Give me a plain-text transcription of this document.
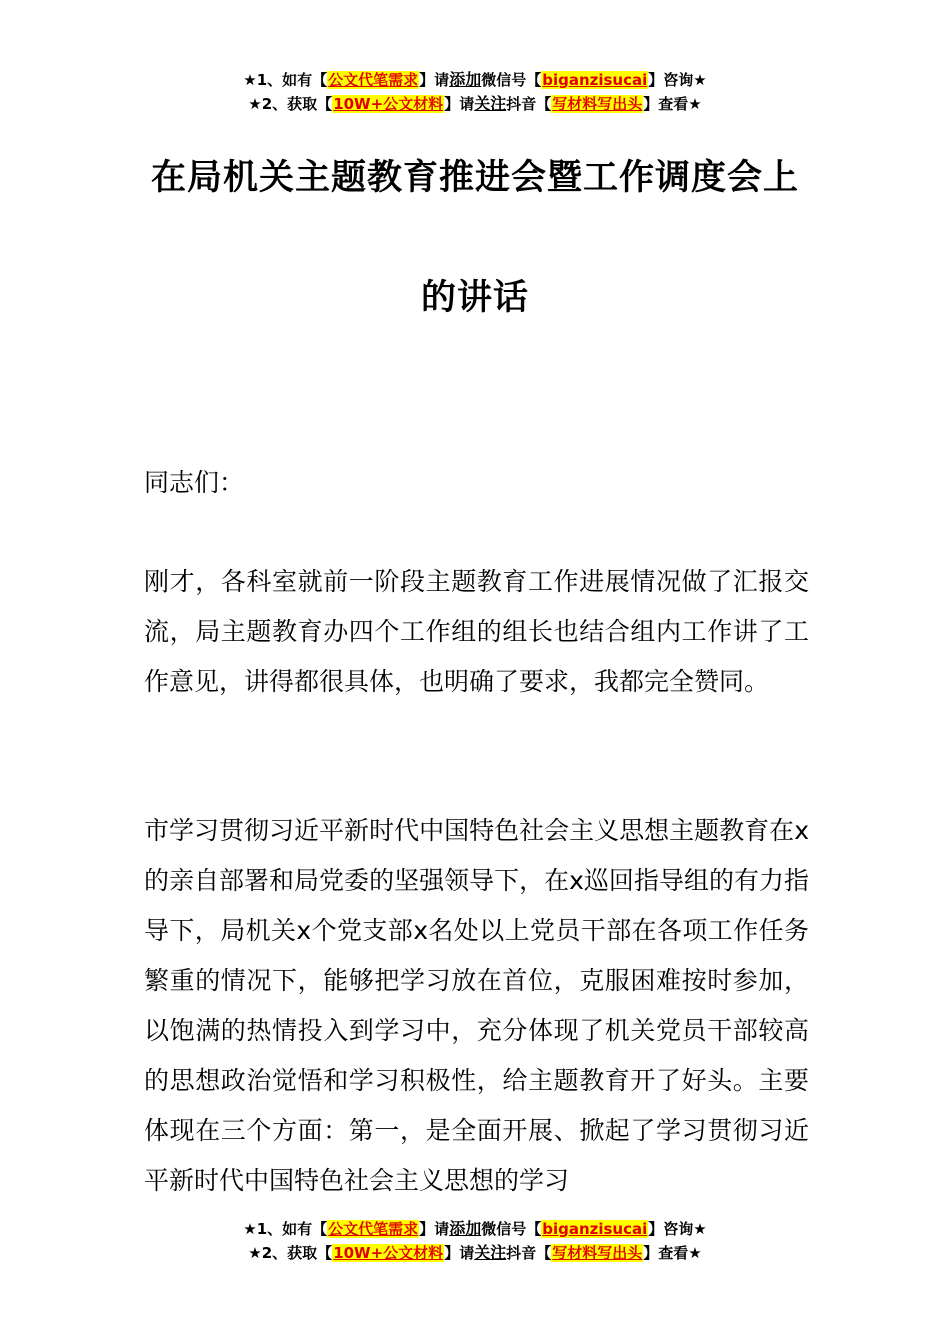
★1、如有【公文代笔需求】请添加微信号【biganzisucai】咨询★
★2、获取【10W+公文材料】请关注抖音【写材料写出头】查看★
在局机关主题教育推进会暨工作调度会上
的讲话
同志们：
刚才，各科室就前一阶段主题教育工作进展情况做了汇报交流，局主题教育办四个工作组的组长也结合组内工作讲了工作意见，讲得都很具体，也明确了要求，我都完全赞同。
市学习贯彻习近平新时代中国特色社会主义思想主题教育在x的亲自部署和局党委的坚强领导下，在x巡回指导组的有力指导下，局机关x个党支部x名处以上党员干部在各项工作任务繁重的情况下，能够把学习放在首位，克服困难按时参加，以饱满的热情投入到学习中，充分体现了机关党员干部较高的思想政治觉悟和学习积极性，给主题教育开了好头。主要体现在三个方面：第一，是全面开展、掀起了学习贯彻习近平新时代中国特色社会主义思想的学习
★1、如有【公文代笔需求】请添加微信号【biganzisucai】咨询★
★2、获取【10W+公文材料】请关注抖音【写材料写出头】查看★
